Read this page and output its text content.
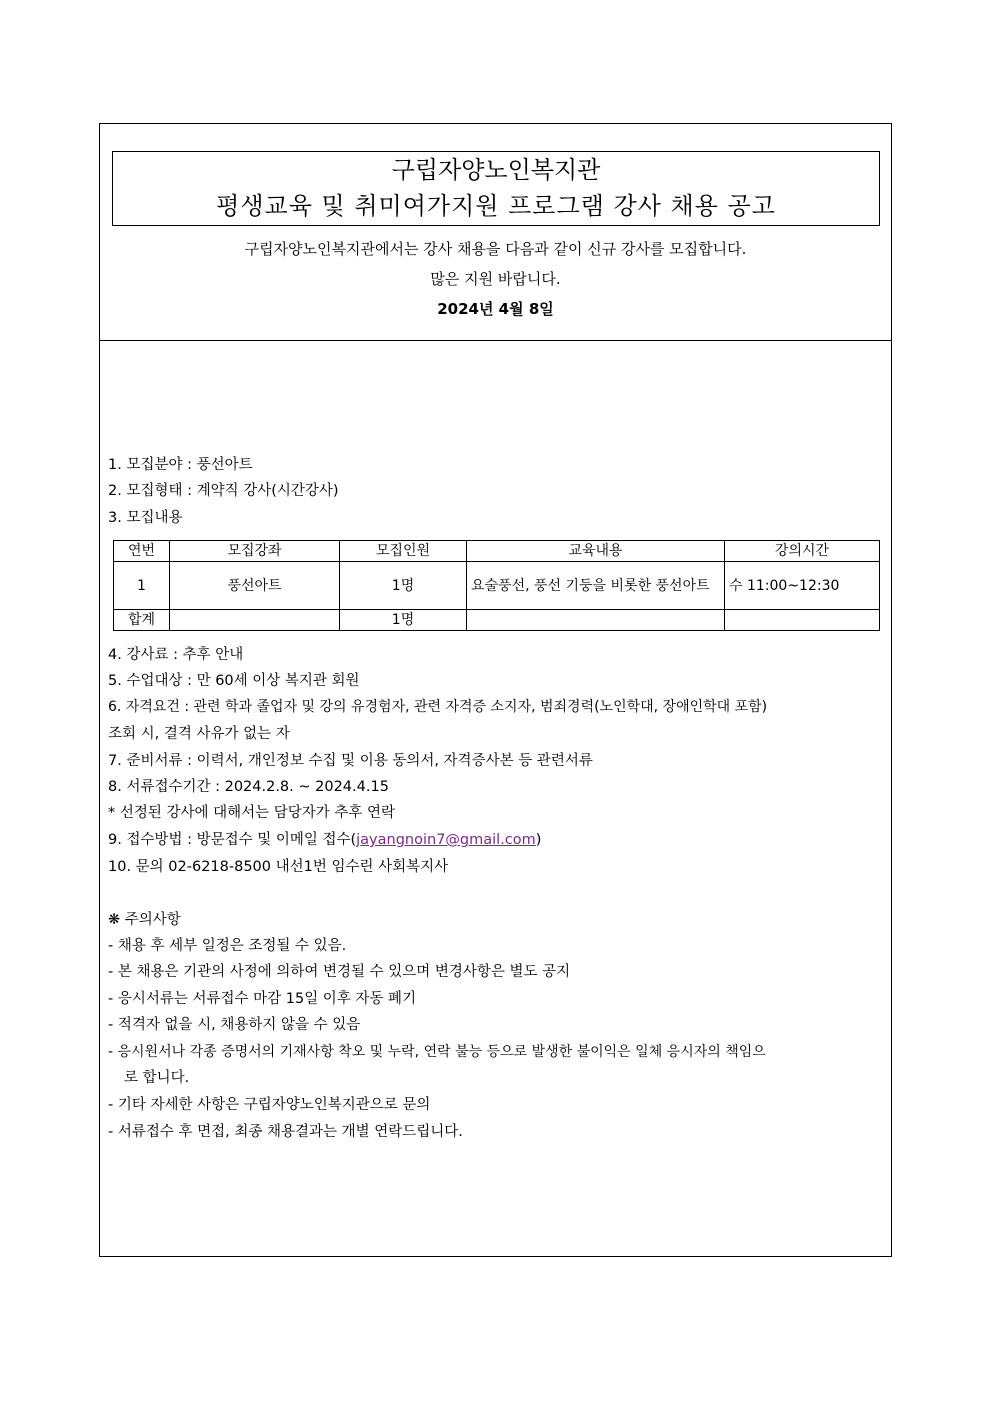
구립자양노인복지관
평생교육 및 취미여가지원 프로그램 강사 채용 공고
구립자양노인복지관에서는 강사 채용을 다음과 같이 신규 강사를 모집합니다.
많은 지원 바랍니다.
2024년 4월 8일
1. 모집분야 : 풍선아트
2. 모집형태 : 계약직 강사(시간강사)
3. 모집내용
연번	모집강좌	모집인원	교육내용	강의시간
1	풍선아트	1명	요술풍선, 풍선 기둥을 비롯한 풍선아트	수 11:00~12:30
합계		1명		
4. 강사료 : 추후 안내
5. 수업대상 : 만 60세 이상 복지관 회원
6. 자격요건 : 관련 학과 졸업자 및 강의 유경험자, 관련 자격증 소지자, 범죄경력(노인학대, 장애인학대 포함)
조회 시, 결격 사유가 없는 자
7. 준비서류 : 이력서, 개인정보 수집 및 이용 동의서, 자격증사본 등 관련서류
8. 서류접수기간 : 2024.2.8. ~ 2024.4.15
* 선정된 강사에 대해서는 담당자가 추후 연락
9. 접수방법 : 방문접수 및 이메일 접수(jayangnoin7@gmail.com)
10. 문의 02-6218-8500 내선1번 임수린 사회복지사
❋ 주의사항
- 채용 후 세부 일정은 조정될 수 있음.
- 본 채용은 기관의 사정에 의하여 변경될 수 있으며 변경사항은 별도 공지
- 응시서류는 서류접수 마감 15일 이후 자동 폐기
- 적격자 없을 시, 채용하지 않을 수 있음
- 응시원서나 각종 증명서의 기재사항 착오 및 누락, 연락 불능 등으로 발생한 불이익은 일체 응시자의 책임으
로 합니다.
- 기타 자세한 사항은 구립자양노인복지관으로 문의
- 서류접수 후 면접, 최종 채용결과는 개별 연락드립니다.
